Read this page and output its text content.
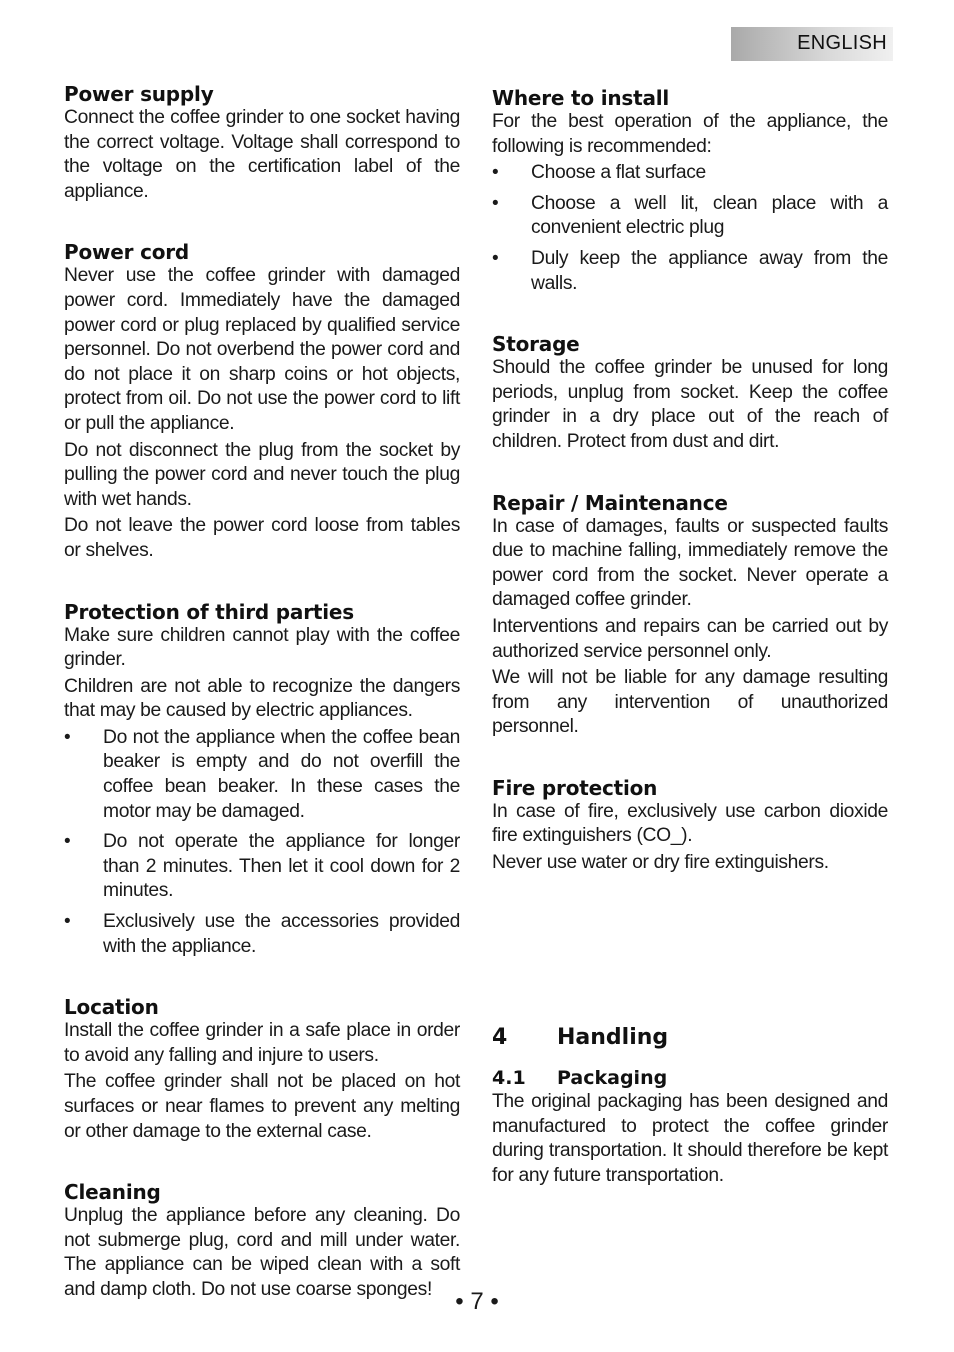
ENGLISH
Power supply

Connect the coffee grinder to one socket having the correct voltage. Voltage shall correspond to the voltage on the certification label of the appliance.

Power cord

Never use the coffee grinder with damaged power cord. Immediately have the damaged power cord or plug replaced by qualified service personnel. Do not overbend the power cord and do not place it on sharp coins or hot objects, protect from oil. Do not use the power cord to lift or pull the appliance.

Do not disconnect the plug from the socket by pulling the power cord and never touch the plug with wet hands.

Do not leave the power cord loose from tables or shelves.

Protection of third parties

Make sure children cannot play with the coffee grinder.

Children are not able to recognize the dangers that may be caused by electric appliances.

• Do not the appliance when the coffee bean beaker is empty and do not overfill the coffee bean beaker. In these cases the motor may be damaged.
• Do not operate the appliance for longer than 2 minutes. Then let it cool down for 2 minutes.
• Exclusively use the accessories provided with the appliance.
Location

Install the coffee grinder in a safe place in order to avoid any falling and injure to users.

The coffee grinder shall not be placed on hot surfaces or near flames to prevent any melting or other damage to the external case.

Cleaning

Unplug the appliance before any cleaning. Do not submerge plug, cord and mill under water. The appliance can be wiped clean with a soft and damp cloth. Do not use coarse sponges!

Where to install

For the best operation of the appliance, the following is recommended:

• Choose a flat surface
• Choose a well lit, clean place with a convenient electric plug
• Duly keep the appliance away from the walls.
Storage

Should the coffee grinder be unused for long periods, unplug from socket. Keep the coffee grinder in a dry place out of the reach of children. Protect from dust and dirt.

Repair / Maintenance

In case of damages, faults or suspected faults due to machine falling, immediately remove the power cord from the socket. Never operate a damaged coffee grinder.

Interventions and repairs can be carried out by authorized service personnel only.

We will not be liable for any damage resulting from any intervention of unauthorized personnel.

Fire protection

In case of fire, exclusively use carbon dioxide fire extinguishers (CO_).

Never use water or dry fire extinguishers.

4	Handling
4.1	Packaging

The original packaging has been designed and manufactured to protect the coffee grinder during transportation. It should therefore be kept for any future transportation.

• 7 •
